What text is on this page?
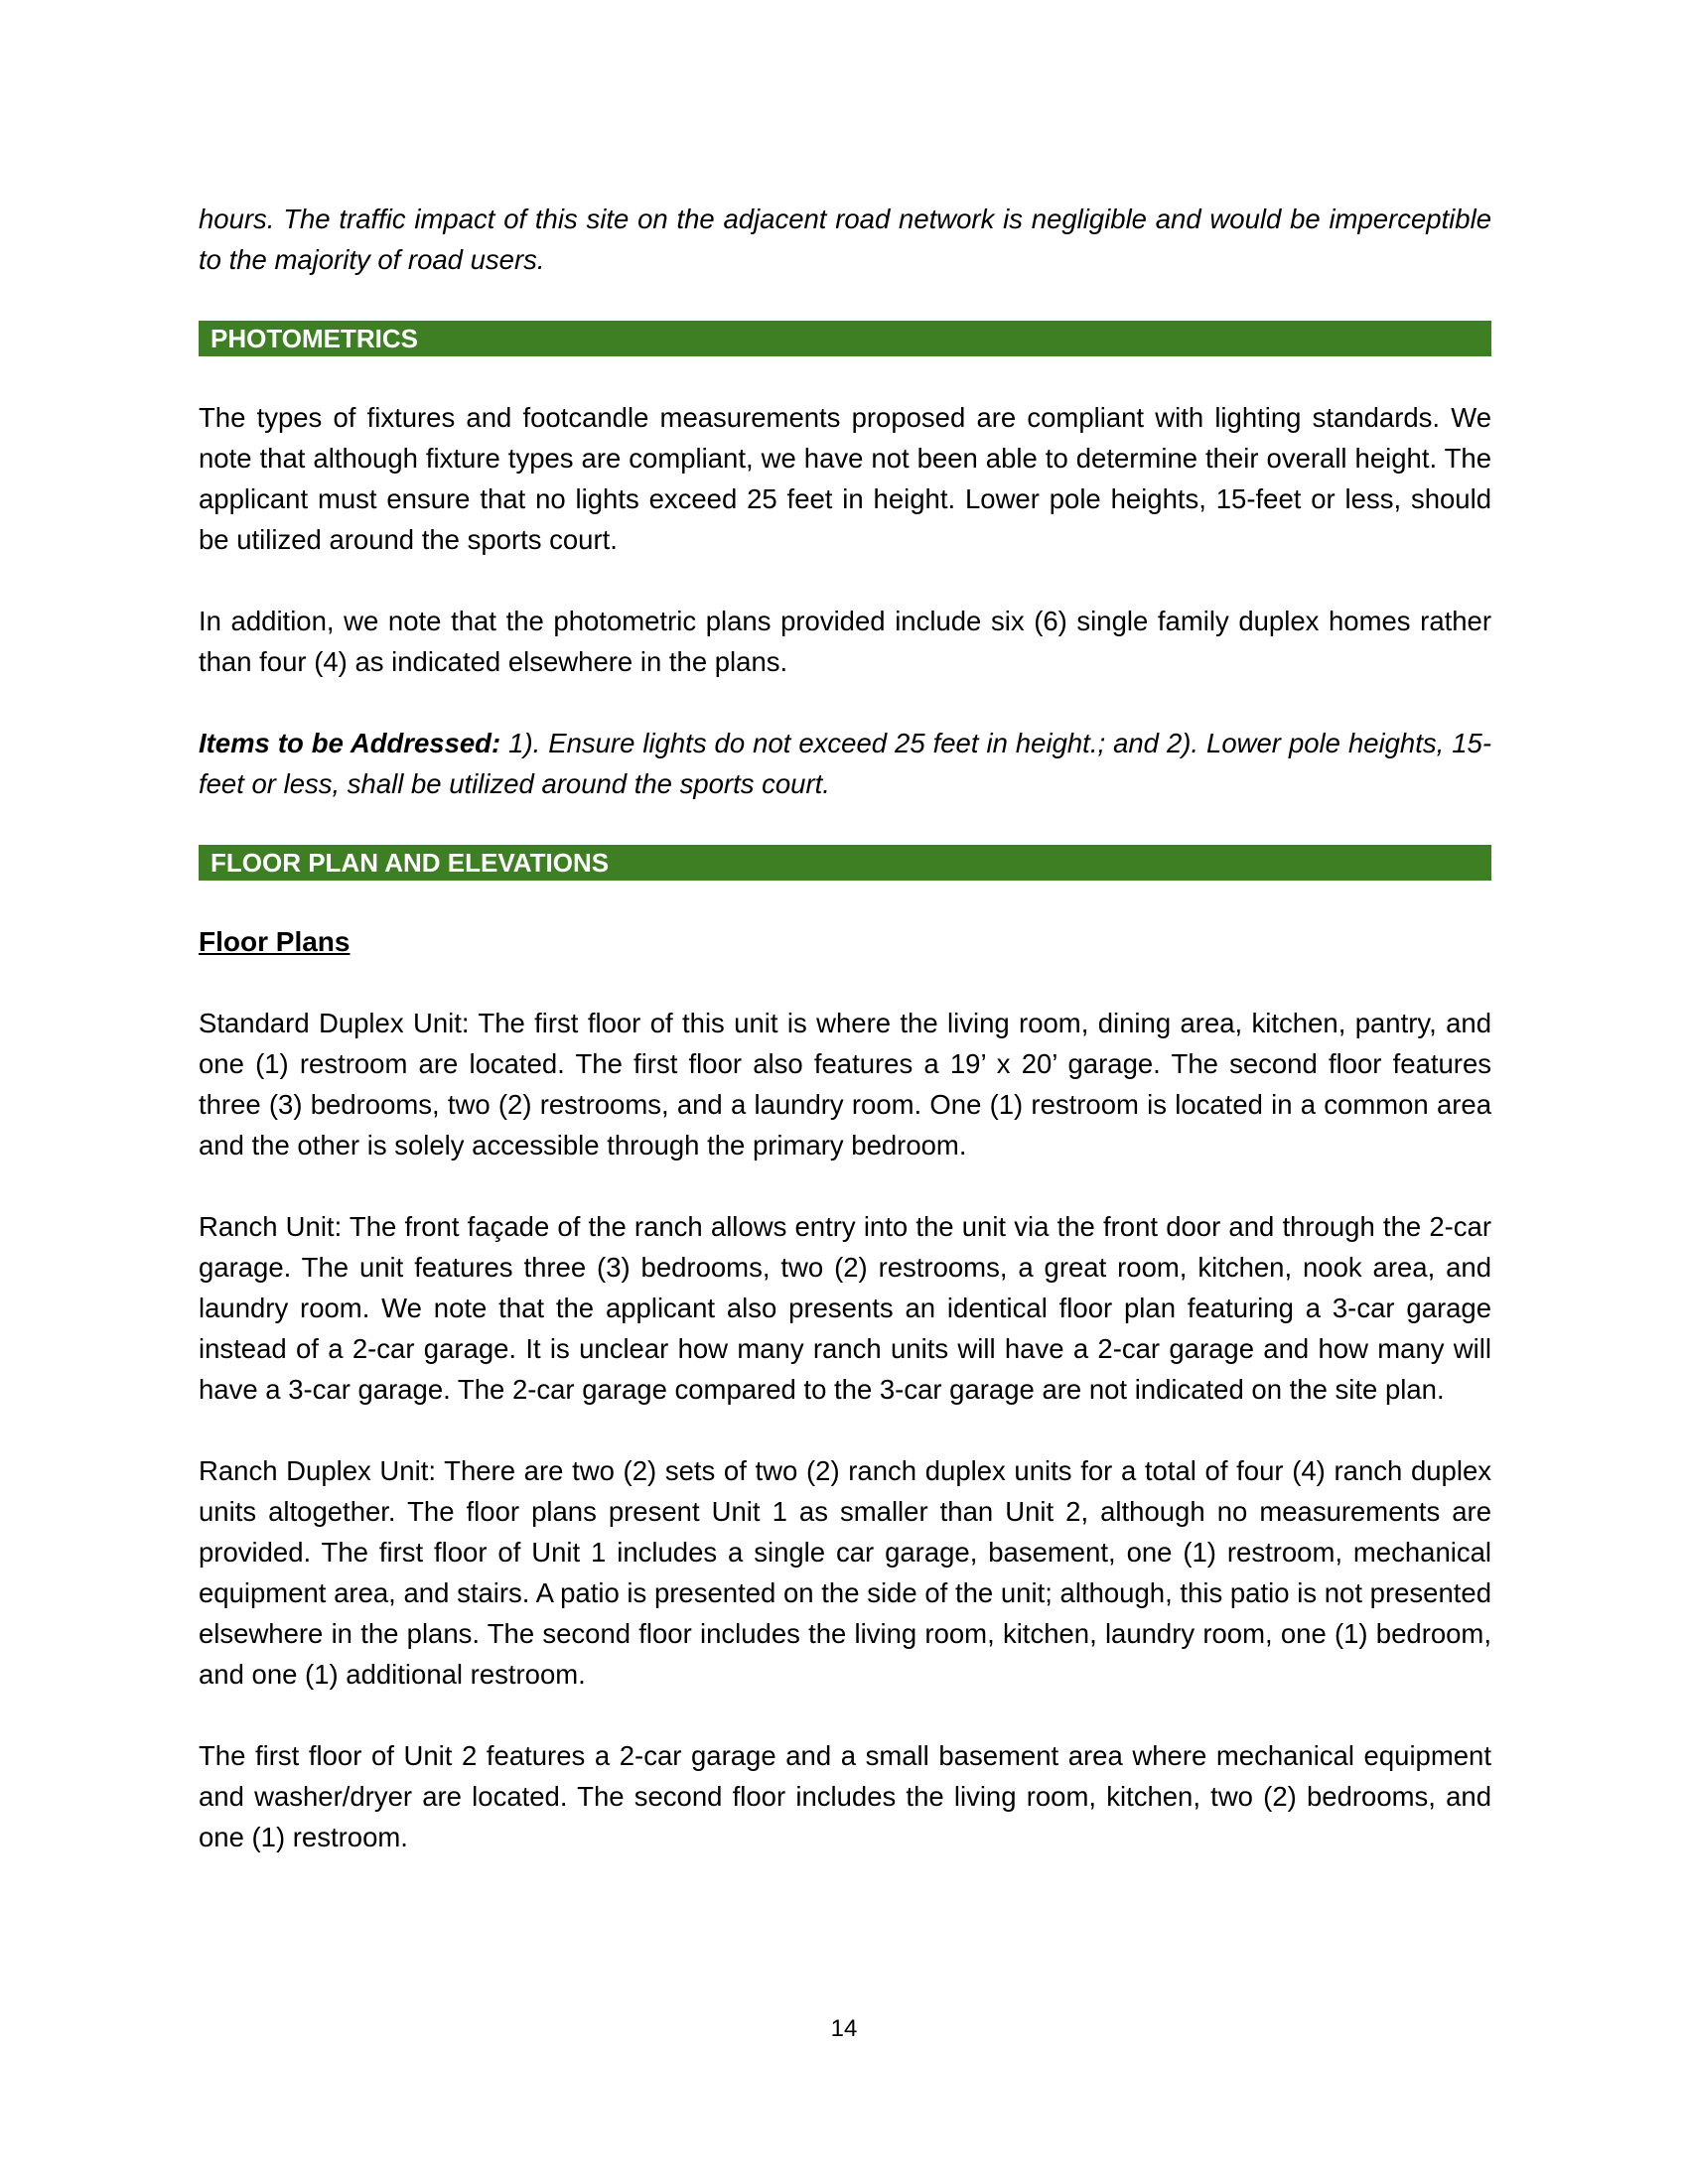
hours. The traffic impact of this site on the adjacent road network is negligible and would be imperceptible to the majority of road users.

PHOTOMETRICS

The types of fixtures and footcandle measurements proposed are compliant with lighting standards. We note that although fixture types are compliant, we have not been able to determine their overall height. The applicant must ensure that no lights exceed 25 feet in height. Lower pole heights, 15-feet or less, should be utilized around the sports court.

In addition, we note that the photometric plans provided include six (6) single family duplex homes rather than four (4) as indicated elsewhere in the plans.

Items to be Addressed: 1). Ensure lights do not exceed 25 feet in height.; and 2). Lower pole heights, 15-feet or less, shall be utilized around the sports court.

FLOOR PLAN AND ELEVATIONS

Floor Plans

Standard Duplex Unit: The first floor of this unit is where the living room, dining area, kitchen, pantry, and one (1) restroom are located. The first floor also features a 19’ x 20’ garage. The second floor features three (3) bedrooms, two (2) restrooms, and a laundry room. One (1) restroom is located in a common area and the other is solely accessible through the primary bedroom.

Ranch Unit: The front façade of the ranch allows entry into the unit via the front door and through the 2-car garage. The unit features three (3) bedrooms, two (2) restrooms, a great room, kitchen, nook area, and laundry room. We note that the applicant also presents an identical floor plan featuring a 3-car garage instead of a 2-car garage. It is unclear how many ranch units will have a 2-car garage and how many will have a 3-car garage. The 2-car garage compared to the 3-car garage are not indicated on the site plan.

Ranch Duplex Unit: There are two (2) sets of two (2) ranch duplex units for a total of four (4) ranch duplex units altogether. The floor plans present Unit 1 as smaller than Unit 2, although no measurements are provided. The first floor of Unit 1 includes a single car garage, basement, one (1) restroom, mechanical equipment area, and stairs. A patio is presented on the side of the unit; although, this patio is not presented elsewhere in the plans. The second floor includes the living room, kitchen, laundry room, one (1) bedroom, and one (1) additional restroom.

The first floor of Unit 2 features a 2-car garage and a small basement area where mechanical equipment and washer/dryer are located. The second floor includes the living room, kitchen, two (2) bedrooms, and one (1) restroom.

14
